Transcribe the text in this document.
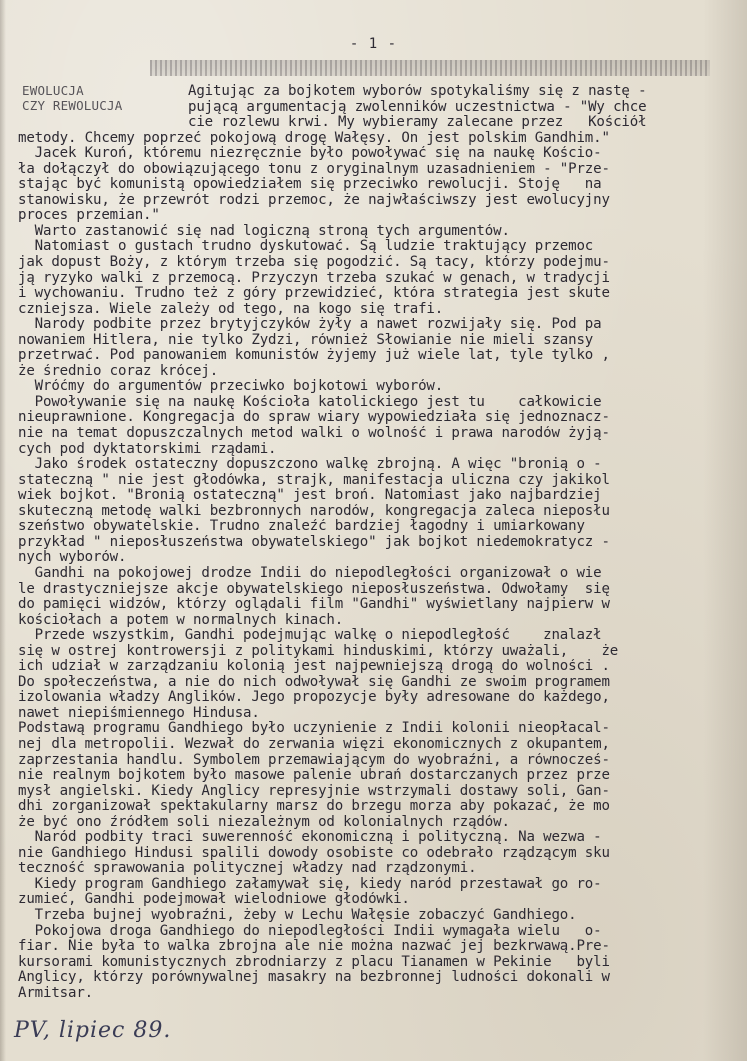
- 1 -
EWOLUCJA
CZY REWOLUCJA
Agitując za bojkotem wyborów spotykaliśmy się z nastę -
pującą argumentacją zwolenników uczestnictwa - "Wy chce
cie rozlewu krwi. My wybieramy zalecane przez   Kościół
metody. Chcemy poprzeć pokojową drogę Wałęsy. On jest polskim Gandhim."
Jacek Kuroń, któremu niezręcznie było powoływać się na naukę Kościo-
ła dołączył do obowiązującego tonu z oryginalnym uzasadnieniem - "Prze-
stając być komunistą opowiedziałem się przeciwko rewolucji. Stoję   na
stanowisku, że przewrót rodzi przemoc, że najwłaściwszy jest ewolucyjny
proces przemian."
Warto zastanowić się nad logiczną stroną tych argumentów.
Natomiast o gustach trudno dyskutować. Są ludzie traktujący przemoc
jak dopust Boży, z którym trzeba się pogodzić. Są tacy, którzy podejmu-
ją ryzyko walki z przemocą. Przyczyn trzeba szukać w genach, w tradycji
i wychowaniu. Trudno też z góry przewidzieć, która strategia jest skute
czniejsza. Wiele zależy od tego, na kogo się trafi.
Narody podbite przez brytyjczyków żyły a nawet rozwijały się. Pod pa
nowaniem Hitlera, nie tylko Żydzi, również Słowianie nie mieli szansy
przetrwać. Pod panowaniem komunistów żyjemy już wiele lat, tyle tylko ,
że średnio coraz krócej.
Wróćmy do argumentów przeciwko bojkotowi wyborów.
Powoływanie się na naukę Kościoła katolickiego jest tu    całkowicie
nieuprawnione. Kongregacja do spraw wiary wypowiedziała się jednoznacz-
nie na temat dopuszczalnych metod walki o wolność i prawa narodów żyją-
cych pod dyktatorskimi rządami.
Jako środek ostateczny dopuszczono walkę zbrojną. A więc "bronią o -
stateczną " nie jest głodówka, strajk, manifestacja uliczna czy jakikol
wiek bojkot. "Bronią ostateczną" jest broń. Natomiast jako najbardziej
skuteczną metodę walki bezbronnych narodów, kongregacja zaleca nieposłu
szeństwo obywatelskie. Trudno znaleźć bardziej łagodny i umiarkowany
przykład " nieposłuszeństwa obywatelskiego" jak bojkot niedemokratycz -
nych wyborów.
Gandhi na pokojowej drodze Indii do niepodległości organizował o wie
le drastyczniejsze akcje obywatelskiego nieposłuszeństwa. Odwołamy  się
do pamięci widzów, którzy oglądali film "Gandhi" wyświetlany najpierw w
kościołach a potem w normalnych kinach.
Przede wszystkim, Gandhi podejmując walkę o niepodległość    znalazł
się w ostrej kontrowersji z politykami hinduskimi, którzy uważali,    że
ich udział w zarządzaniu kolonią jest najpewniejszą drogą do wolności .
Do społeczeństwa, a nie do nich odwoływał się Gandhi ze swoim programem
izolowania władzy Anglików. Jego propozycje były adresowane do każdego,
nawet niepiśmiennego Hindusa.
Podstawą programu Gandhiego było uczynienie z Indii kolonii nieopłacal-
nej dla metropolii. Wezwał do zerwania więzi ekonomicznych z okupantem,
zaprzestania handlu. Symbolem przemawiającym do wyobraźni, a równocześ-
nie realnym bojkotem było masowe palenie ubrań dostarczanych przez prze
mysł angielski. Kiedy Anglicy represyjnie wstrzymali dostawy soli, Gan-
dhi zorganizował spektakularny marsz do brzegu morza aby pokazać, że mo
że być ono źródłem soli niezależnym od kolonialnych rządów.
Naród podbity traci suwerenność ekonomiczną i polityczną. Na wezwa -
nie Gandhiego Hindusi spalili dowody osobiste co odebrało rządzącym sku
teczność sprawowania politycznej władzy nad rządzonymi.
Kiedy program Gandhiego załamywał się, kiedy naród przestawał go ro-
zumieć, Gandhi podejmował wielodniowe głodówki.
Trzeba bujnej wyobraźni, żeby w Lechu Wałęsie zobaczyć Gandhiego.
Pokojowa droga Gandhiego do niepodległości Indii wymagała wielu   o-
fiar. Nie była to walka zbrojna ale nie można nazwać jej bezkrwawą.Pre-
kursorami komunistycznych zbrodniarzy z placu Tianamen w Pekinie   byli
Anglicy, którzy porównywalnej masakry na bezbronnej ludności dokonali w
Armitsar.
PV, lipiec 89.
